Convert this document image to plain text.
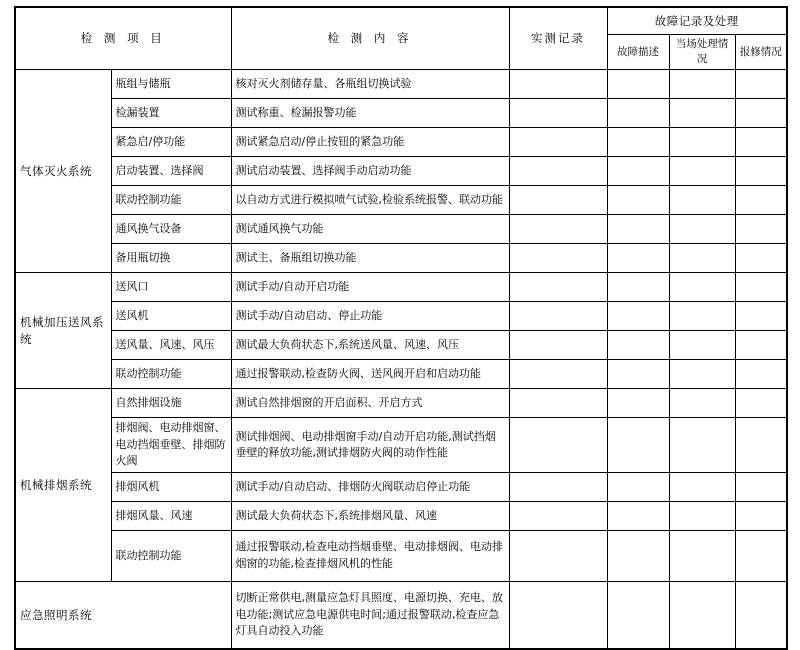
检 测 项 目		检 测 内 容	实测记录	故障记录及处理		
				故障描述	当场处理情况	报修情况
气体灭火系统	瓶组与储瓶	核对灭火剂储存量、各瓶组切换试验				
	检漏装置	测试称重、检漏报警功能				
	紧急启/停功能	测试紧急启动/停止按钮的紧急功能				
	启动装置、选择阀	测试启动装置、选择阀手动启动功能				
	联动控制功能	以自动方式进行模拟喷气试验,检验系统报警、联动功能				
	通风换气设备	测试通风换气功能				
	备用瓶切换	测试主、备瓶组切换功能				
机械加压送风系统	送风口	测试手动/自动开启功能				
	送风机	测试手动/自动启动、停止功能				
	送风量、风速、风压	测试最大负荷状态下,系统送风量、风速、风压				
	联动控制功能	通过报警联动,检查防火阀、送风阀开启和启动功能				
机械排烟系统	自然排烟设施	测试自然排烟窗的开启面积、开启方式				
	排烟阀、电动排烟窗、电动挡烟垂壁、排烟防火阀	测试排烟阀、电动排烟窗手动/自动开启功能,测试挡烟垂壁的释放功能,测试排烟防火阀的动作性能				
	排烟风机	测试手动/自动启动、排烟防火阀联动启停止功能				
	排烟风量、风速	测试最大负荷状态下,系统排烟风量、风速				
	联动控制功能	通过报警联动,检查电动挡烟垂壁、电动排烟阀、电动排烟窗的功能,检查排烟风机的性能				
应急照明系统		切断正常供电,测量应急灯具照度、电源切换、充电、放电功能;测试应急电源供电时间;通过报警联动,检查应急灯具自动投入功能				
